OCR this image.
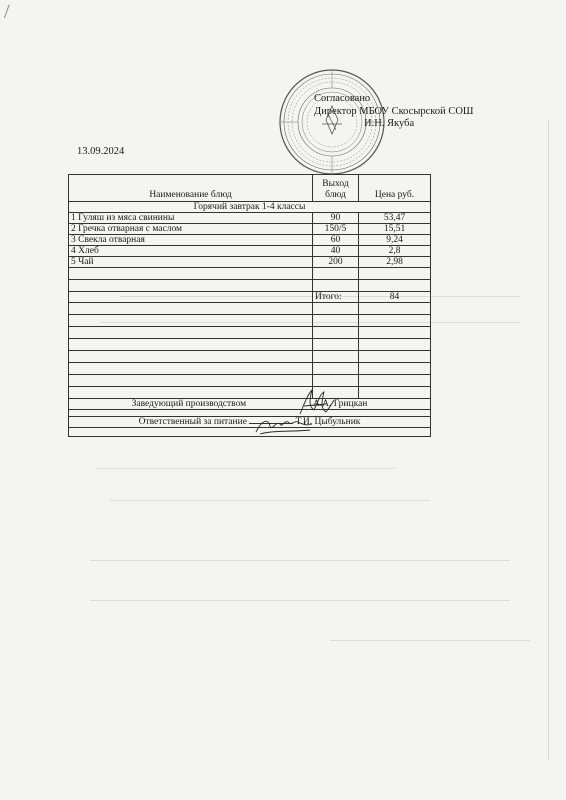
Согласовано
Директор МБОУ Скосырской СОШ
И.Н. Якуба
13.09.2024
Наименование блюд	Выход блюд	Цена руб.
Горячий завтрак 1-4 классы		
1 Гуляш из мяса свинины	90	53,47
2 Гречка отварная с маслом	150/5	15,51
3 Свекла отварная	60	9,24
4 Хлеб	40	2,8
5 Чай	200	2,98

	Итого:	84

Заведующий производством А.А. Грицкан		

Ответственный за питание Т.И. Цыбульник		
